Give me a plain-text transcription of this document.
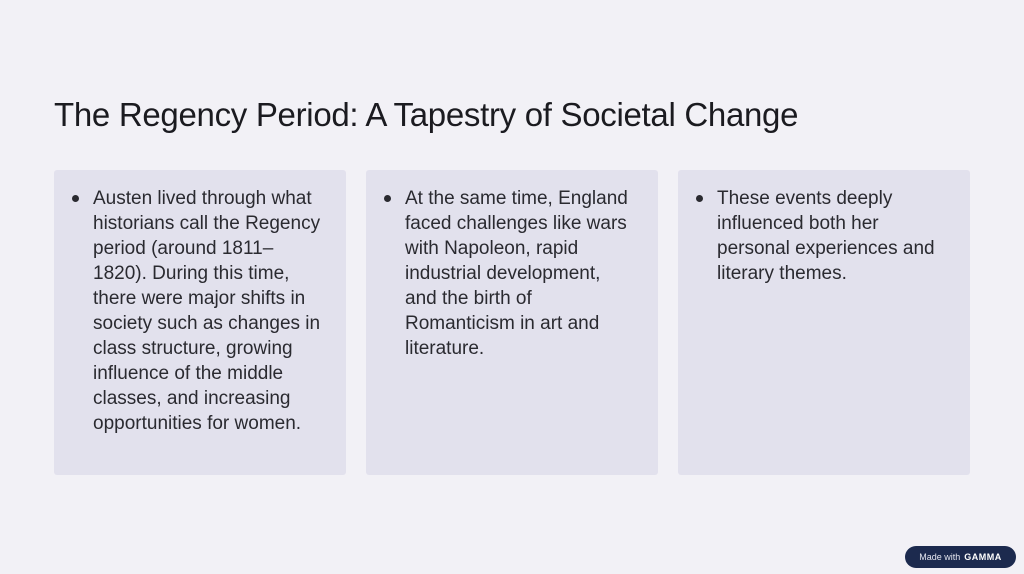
The Regency Period: A Tapestry of Societal Change
Austen lived through what historians call the Regency period (around 1811–1820). During this time, there were major shifts in society such as changes in class structure, growing influence of the middle classes, and increasing opportunities for women.
At the same time, England faced challenges like wars with Napoleon, rapid industrial development, and the birth of Romanticism in art and literature.
These events deeply influenced both her personal experiences and literary themes.
Made with GAMMA
